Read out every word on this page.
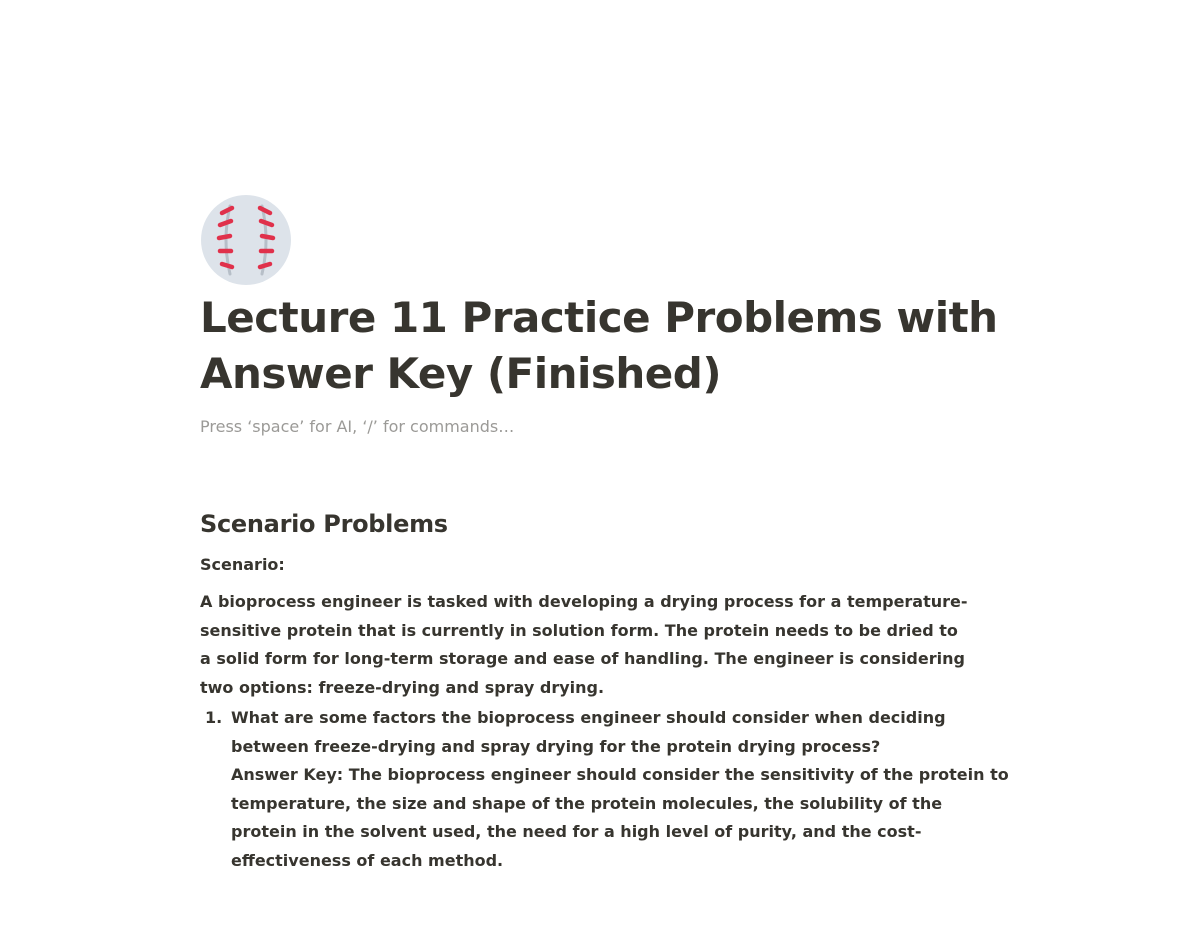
Lecture 11 Practice Problems with Answer Key (Finished)

Press ‘space’ for AI, ‘/’ for commands…

Scenario Problems

Scenario:

A bioprocess engineer is tasked with developing a drying process for a temperature-sensitive protein that is currently in solution form. The protein needs to be dried to a solid form for long-term storage and ease of handling. The engineer is considering two options: freeze-drying and spray drying.

1. What are some factors the bioprocess engineer should consider when deciding between freeze-drying and spray drying for the protein drying process?
Answer Key: The bioprocess engineer should consider the sensitivity of the protein to temperature, the size and shape of the protein molecules, the solubility of the protein in the solvent used, the need for a high level of purity, and the cost-effectiveness of each method.
